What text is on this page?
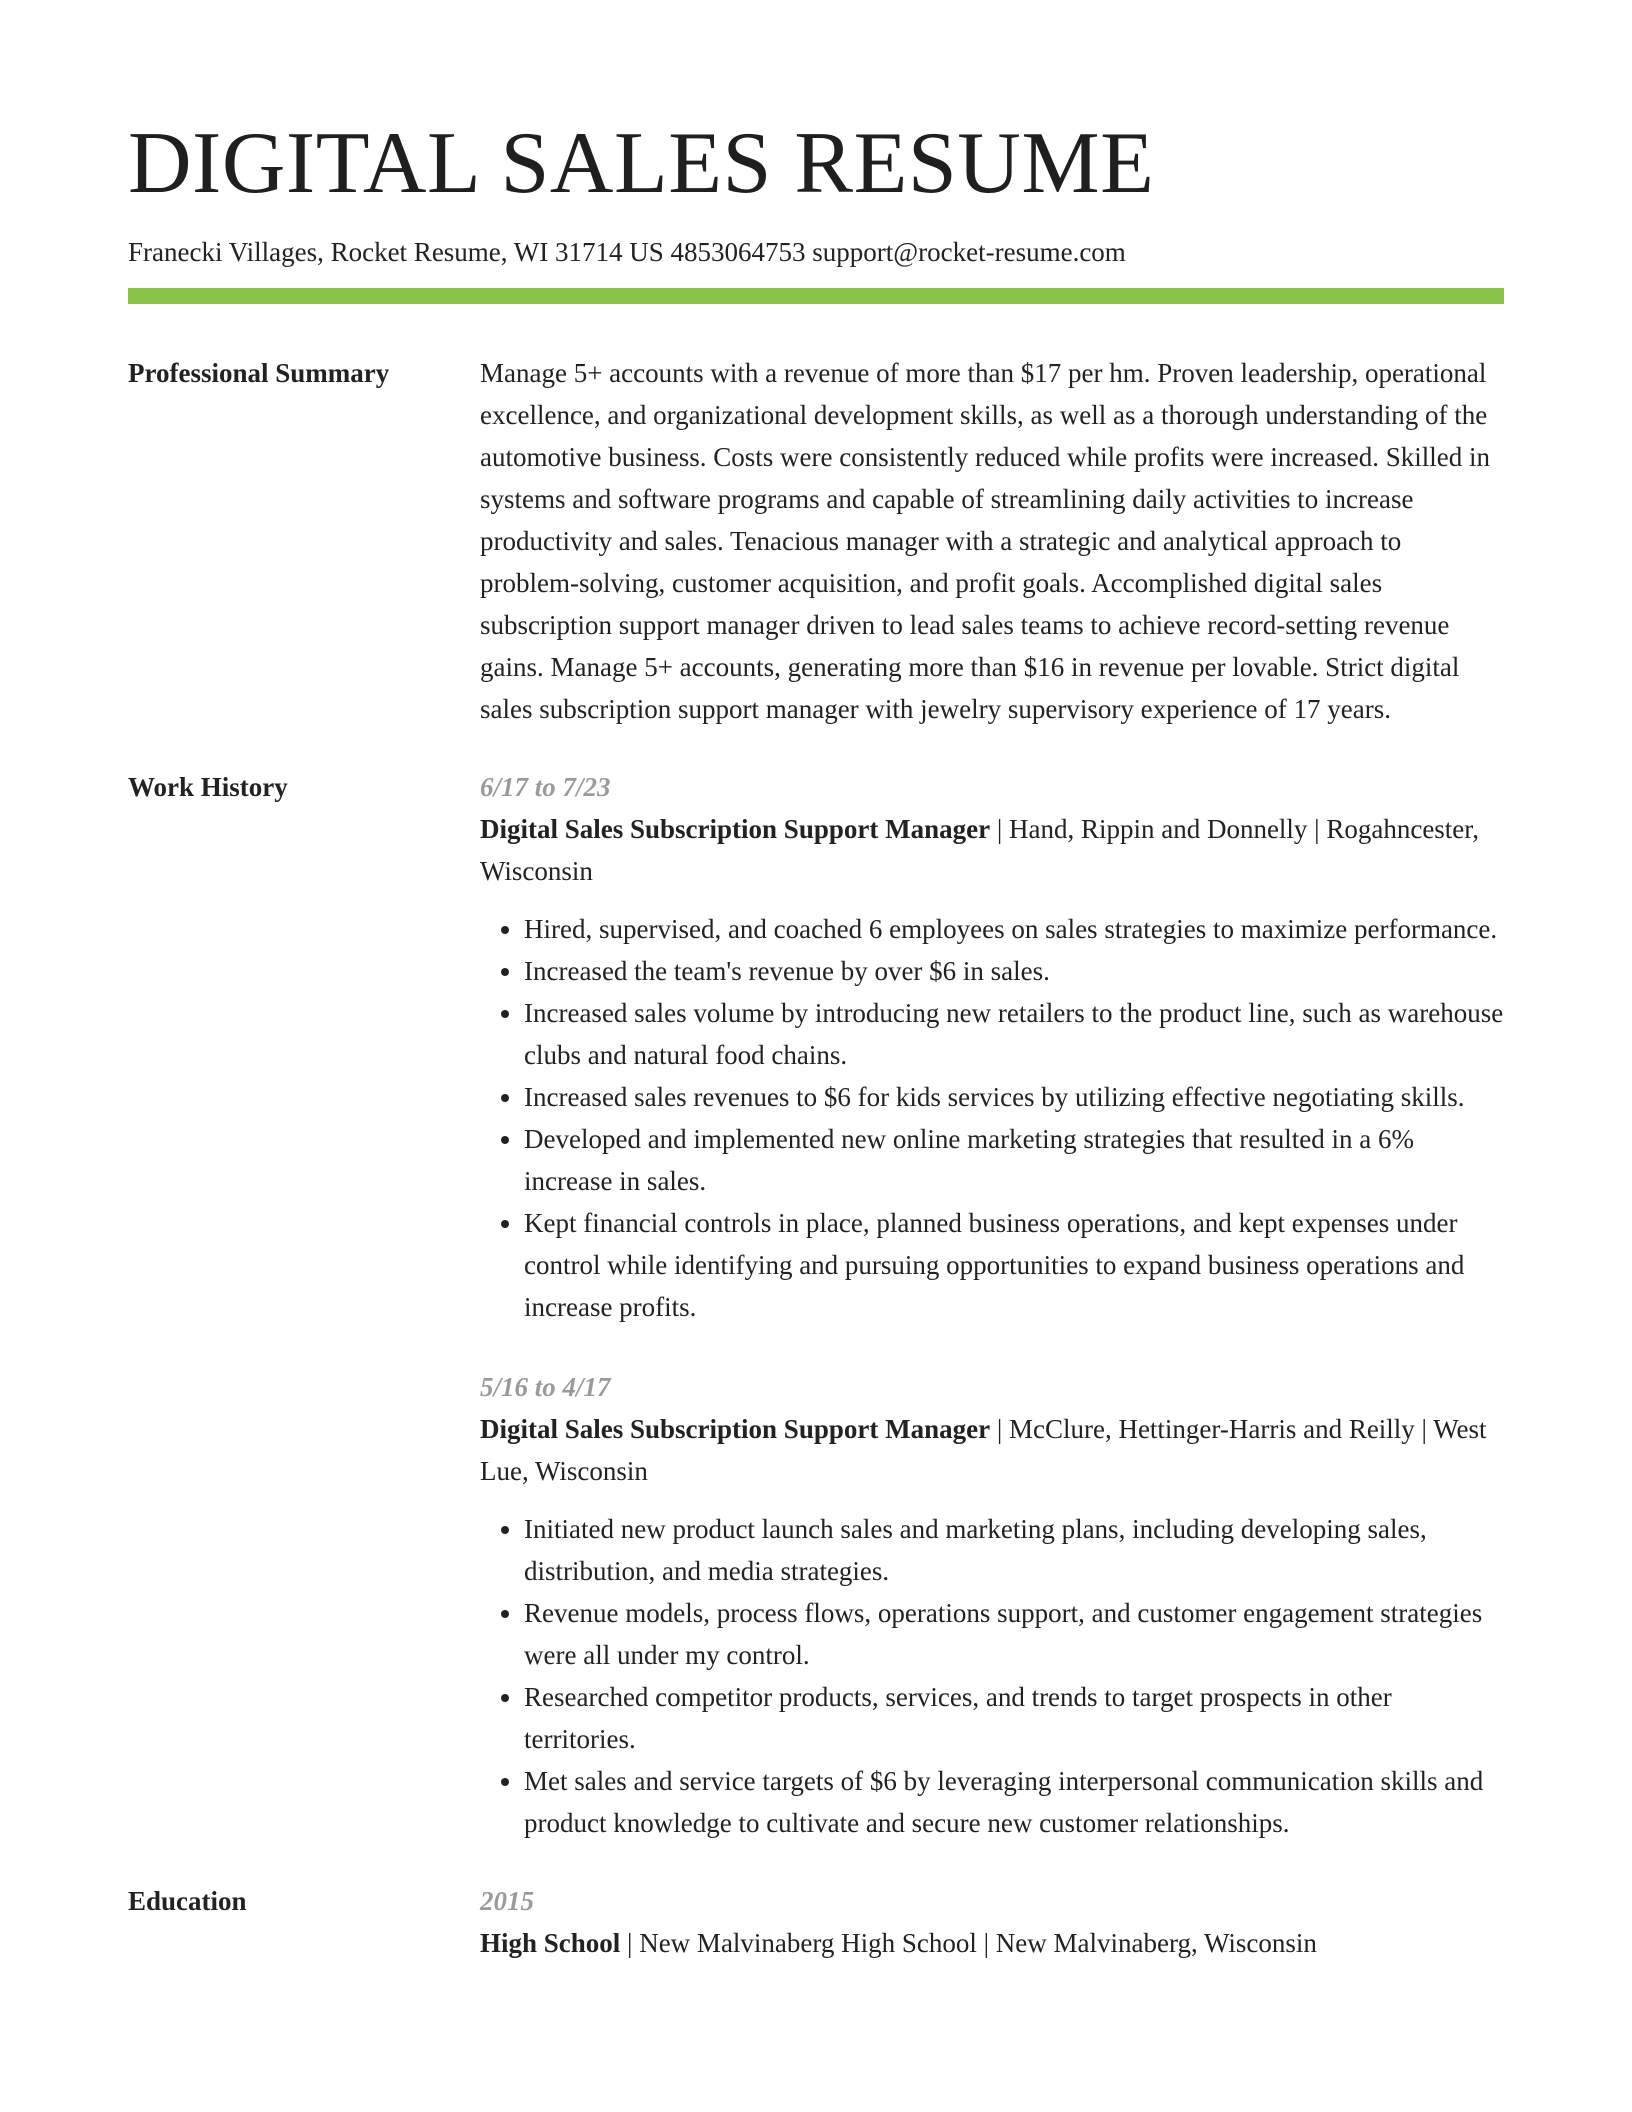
DIGITAL SALES RESUME
Franecki Villages, Rocket Resume, WI 31714 US 4853064753 support@rocket-resume.com
Professional Summary	Manage 5+ accounts with a revenue of more than $17 per hm. Proven leadership, operational excellence, and organizational development skills, as well as a thorough understanding of the automotive business. Costs were consistently reduced while profits were increased. Skilled in systems and software programs and capable of streamlining daily activities to increase productivity and sales. Tenacious manager with a strategic and analytical approach to problem-solving, customer acquisition, and profit goals. Accomplished digital sales subscription support manager driven to lead sales teams to achieve record-setting revenue gains. Manage 5+ accounts, generating more than $16 in revenue per lovable. Strict digital sales subscription support manager with jewelry supervisory experience of 17 years.

Work History	6/17 to 7/23
Digital Sales Subscription Support Manager | Hand, Rippin and Donnelly | Rogahncester, Wisconsin
• Hired, supervised, and coached 6 employees on sales strategies to maximize performance.
• Increased the team's revenue by over $6 in sales.
• Increased sales volume by introducing new retailers to the product line, such as warehouse clubs and natural food chains.
• Increased sales revenues to $6 for kids services by utilizing effective negotiating skills.
• Developed and implemented new online marketing strategies that resulted in a 6% increase in sales.
• Kept financial controls in place, planned business operations, and kept expenses under control while identifying and pursuing opportunities to expand business operations and increase profits.
5/16 to 4/17
Digital Sales Subscription Support Manager | McClure, Hettinger-Harris and Reilly | West Lue, Wisconsin
• Initiated new product launch sales and marketing plans, including developing sales, distribution, and media strategies.
• Revenue models, process flows, operations support, and customer engagement strategies were all under my control.
• Researched competitor products, services, and trends to target prospects in other territories.
• Met sales and service targets of $6 by leveraging interpersonal communication skills and product knowledge to cultivate and secure new customer relationships.
Education	2015
High School | New Malvinaberg High School | New Malvinaberg, Wisconsin
